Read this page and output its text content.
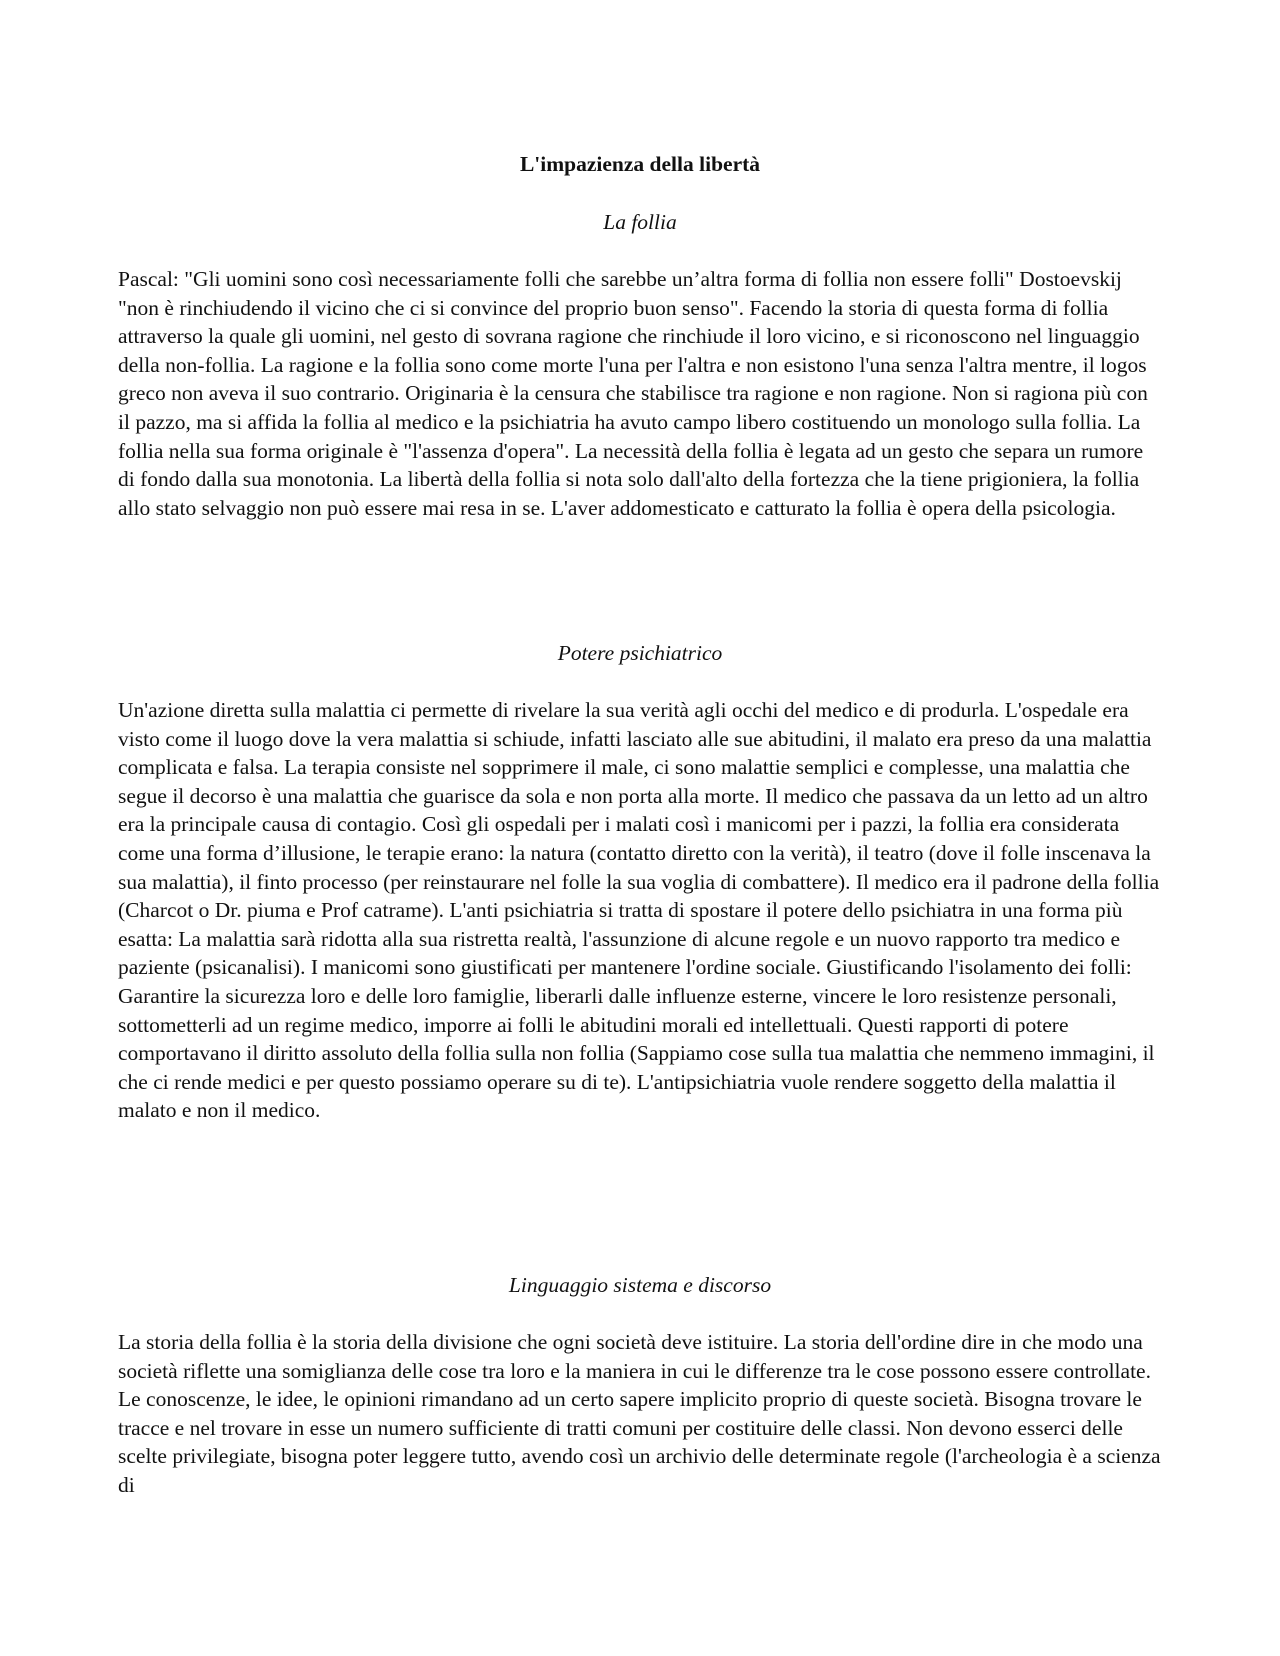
L'impazienza della libertà
La follia

Pascal: "Gli uomini sono così necessariamente folli che sarebbe un’altra forma di follia non essere folli" Dostoevskij "non è rinchiudendo il vicino che ci si convince del proprio buon senso". Facendo la storia di questa forma di follia attraverso la quale gli uomini, nel gesto di sovrana ragione che rinchiude il loro vicino, e si riconoscono nel linguaggio della non-follia. La ragione e la follia sono come morte l'una per l'altra e non esistono l'una senza l'altra mentre, il logos greco non aveva il suo contrario. Originaria è la censura che stabilisce tra ragione e non ragione. Non si ragiona più con il pazzo, ma si affida la follia al medico e la psichiatria ha avuto campo libero costituendo un monologo sulla follia. La follia nella sua forma originale è "l'assenza d'opera". La necessità della follia è legata ad un gesto che separa un rumore di fondo dalla sua monotonia. La libertà della follia si nota solo dall'alto della fortezza che la tiene prigioniera, la follia allo stato selvaggio non può essere mai resa in se. L'aver addomesticato e catturato la follia è opera della psicologia.

Potere psichiatrico

Un'azione diretta sulla malattia ci permette di rivelare la sua verità agli occhi del medico e di produrla. L'ospedale era visto come il luogo dove la vera malattia si schiude, infatti lasciato alle sue abitudini, il malato era preso da una malattia complicata e falsa. La terapia consiste nel sopprimere il male, ci sono malattie semplici e complesse, una malattia che segue il decorso è una malattia che guarisce da sola e non porta alla morte. Il medico che passava da un letto ad un altro era la principale causa di contagio. Così gli ospedali per i malati così i manicomi per i pazzi, la follia era considerata come una forma d’illusione, le terapie erano: la natura (contatto diretto con la verità), il teatro (dove il folle inscenava la sua malattia), il finto processo (per reinstaurare nel folle la sua voglia di combattere). Il medico era il padrone della follia (Charcot o Dr. piuma e Prof catrame). L'anti psichiatria si tratta di spostare il potere dello psichiatra in una forma più esatta: La malattia sarà ridotta alla sua ristretta realtà, l'assunzione di alcune regole e un nuovo rapporto tra medico e paziente (psicanalisi). I manicomi sono giustificati per mantenere l'ordine sociale. Giustificando l'isolamento dei folli: Garantire la sicurezza loro e delle loro famiglie, liberarli dalle influenze esterne, vincere le loro resistenze personali, sottometterli ad un regime medico, imporre ai folli le abitudini morali ed intellettuali. Questi rapporti di potere comportavano il diritto assoluto della follia sulla non follia (Sappiamo cose sulla tua malattia che nemmeno immagini, il che ci rende medici e per questo possiamo operare su di te). L'antipsichiatria vuole rendere soggetto della malattia il malato e non il medico.

Linguaggio sistema e discorso

La storia della follia è la storia della divisione che ogni società deve istituire. La storia dell'ordine dire in che modo una società riflette una somiglianza delle cose tra loro e la maniera in cui le differenze tra le cose possono essere controllate. Le conoscenze, le idee, le opinioni rimandano ad un certo sapere implicito proprio di queste società. Bisogna trovare le tracce e nel trovare in esse un numero sufficiente di tratti comuni per costituire delle classi. Non devono esserci delle scelte privilegiate, bisogna poter leggere tutto, avendo così un archivio delle determinate regole (l'archeologia è a scienza di
